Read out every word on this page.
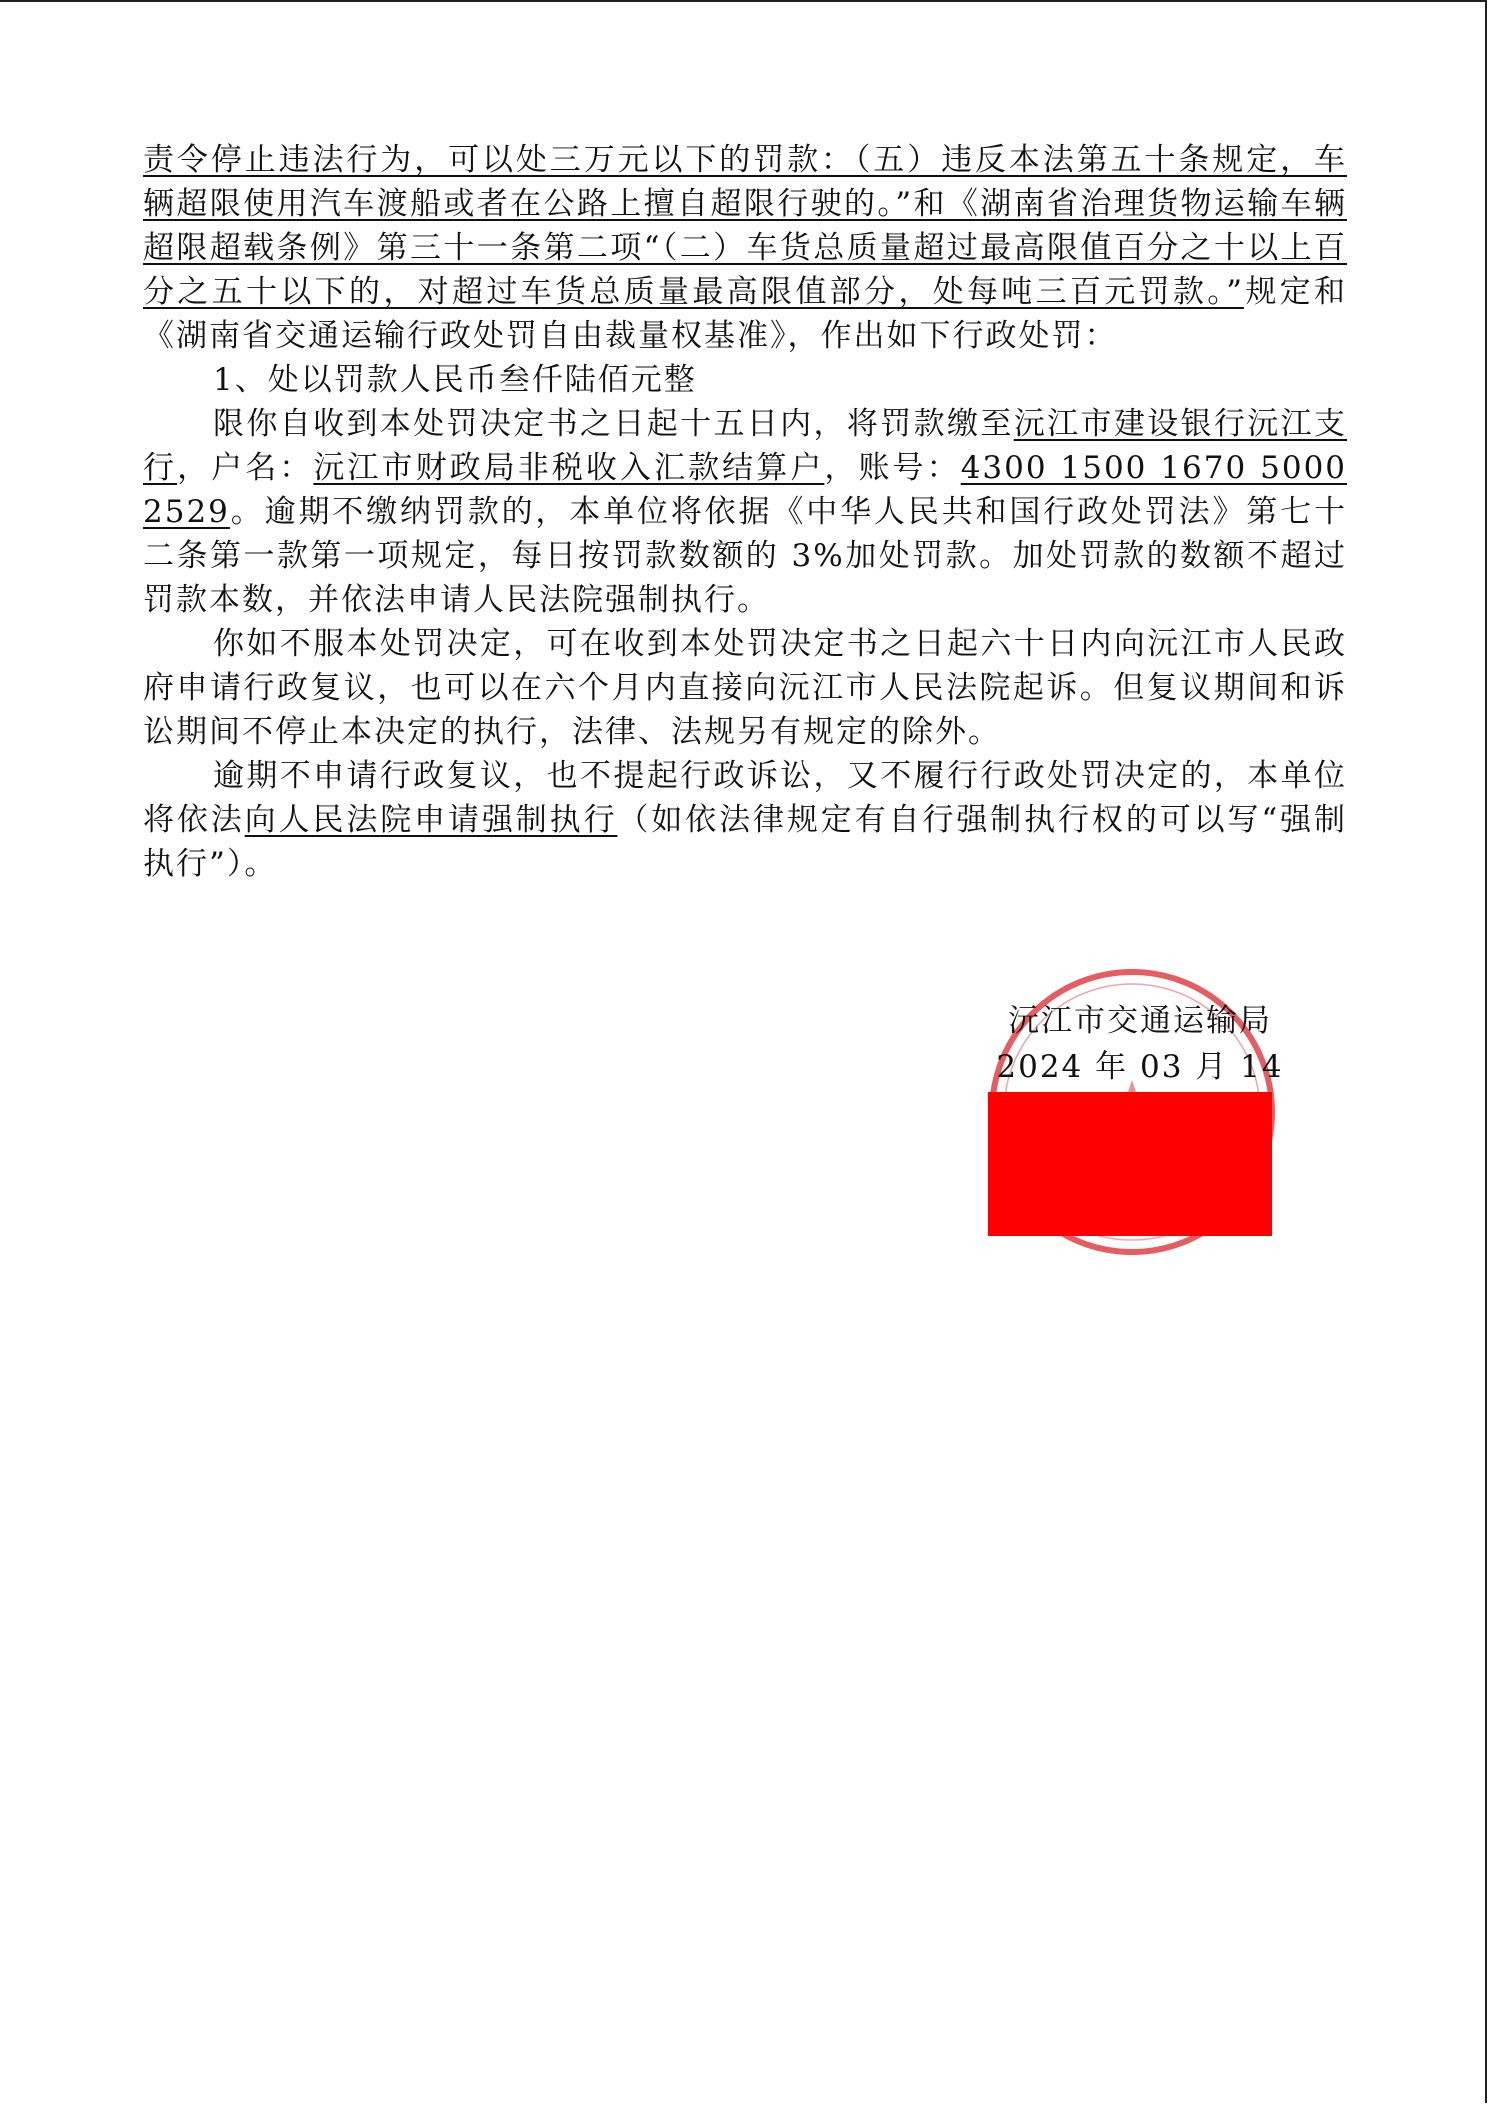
责令停止违法行为，可以处三万元以下的罚款：（五）违反本法第五十条规定，车辆超限使用汽车渡船或者在公路上擅自超限行驶的。”和《湖南省治理货物运输车辆超限超载条例》第三十一条第二项“（二）车货总质量超过最高限值百分之十以上百分之五十以下的，对超过车货总质量最高限值部分，处每吨三百元罚款。”规定和《湖南省交通运输行政处罚自由裁量权基准》，作出如下行政处罚：

1、处以罚款人民币叁仟陆佰元整

限你自收到本处罚决定书之日起十五日内，将罚款缴至沅江市建设银行沅江支行，户名：沅江市财政局非税收入汇款结算户，账号：4300 1500 1670 5000 2529。逾期不缴纳罚款的，本单位将依据《中华人民共和国行政处罚法》第七十二条第一款第一项规定，每日按罚款数额的 3%加处罚款。加处罚款的数额不超过罚款本数，并依法申请人民法院强制执行。

你如不服本处罚决定，可在收到本处罚决定书之日起六十日内向沅江市人民政府申请行政复议，也可以在六个月内直接向沅江市人民法院起诉。但复议期间和诉讼期间不停止本决定的执行，法律、法规另有规定的除外。

逾期不申请行政复议，也不提起行政诉讼，又不履行行政处罚决定的，本单位将依法向人民法院申请强制执行（如依法律规定有自行强制执行权的可以写“强制执行”）。

沅江市交通运输局
2024 年 03 月 14
